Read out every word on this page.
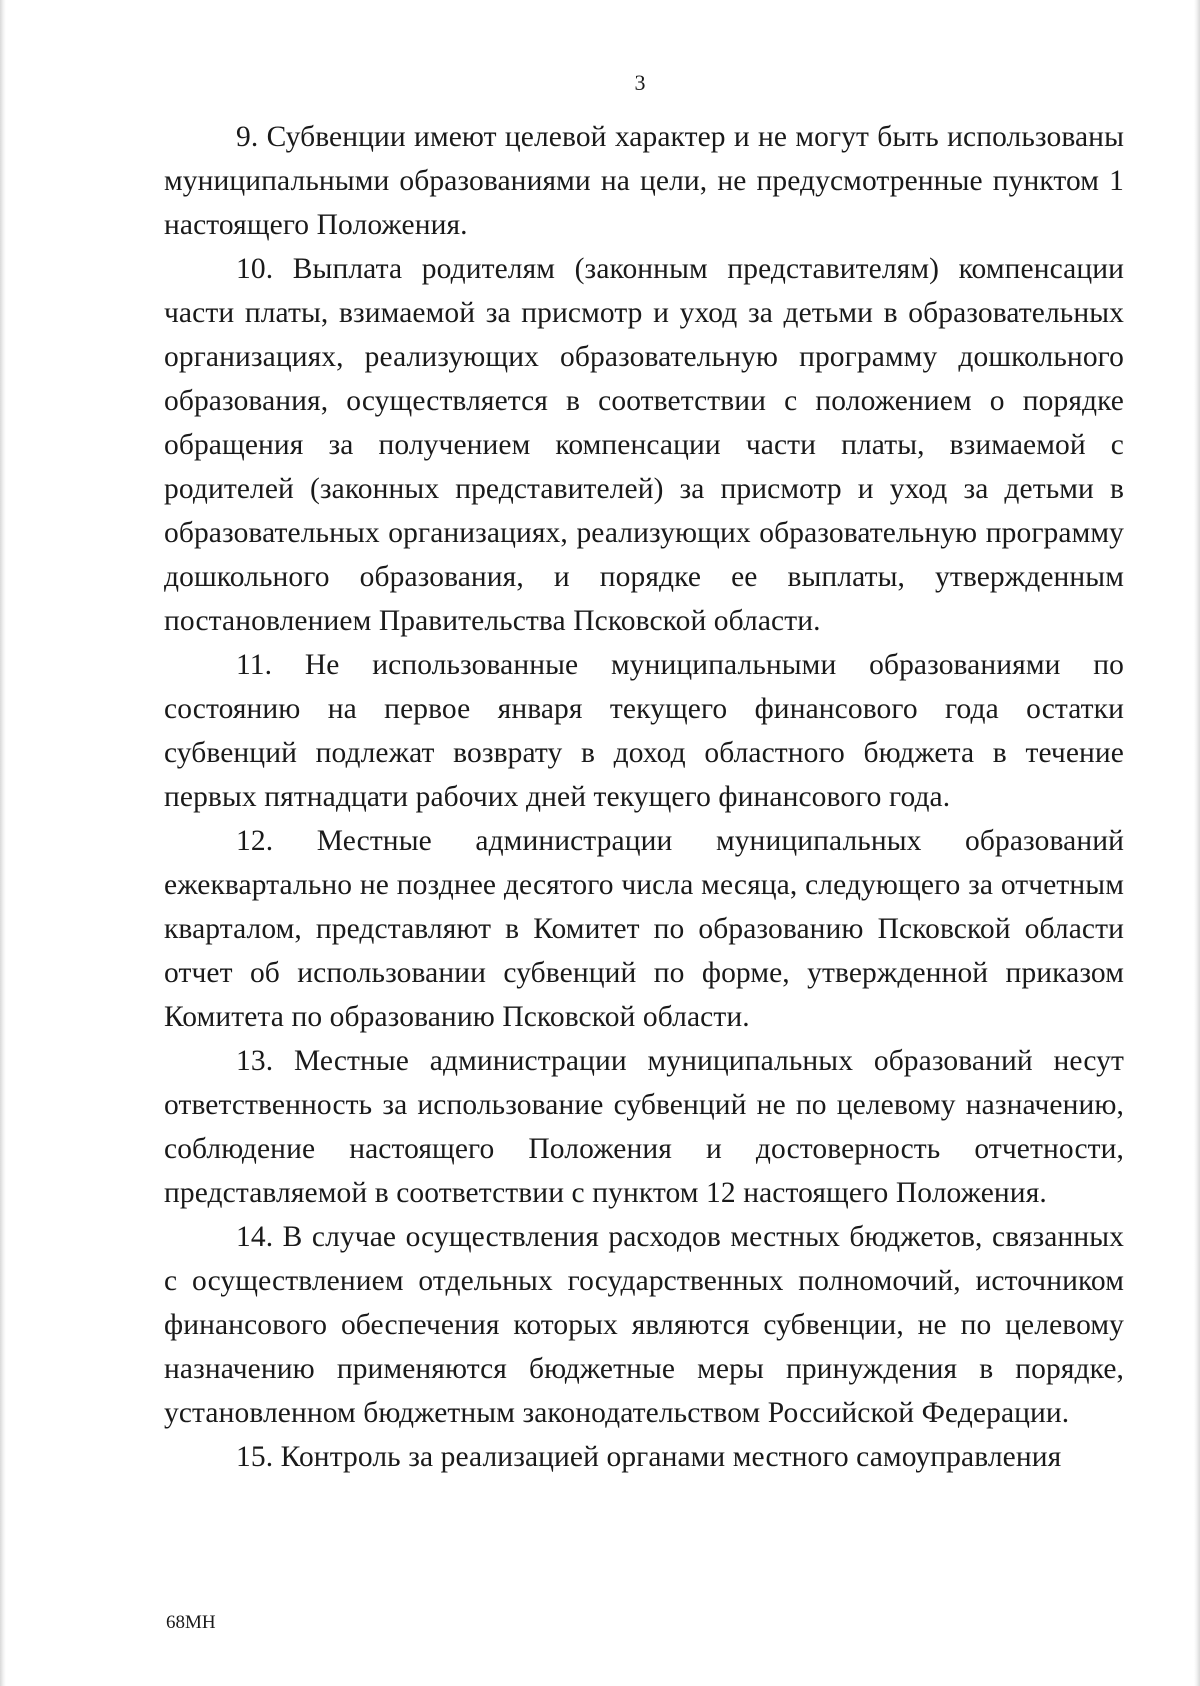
3

9. Субвенции имеют целевой характер и не могут быть использованы муниципальными образованиями на цели, не предусмотренные пунктом 1 настоящего Положения.

10. Выплата родителям (законным представителям) компенсации части платы, взимаемой за присмотр и уход за детьми в образовательных организациях, реализующих образовательную программу дошкольного образования, осуществляется в соответствии с положением о порядке обращения за получением компенсации части платы, взимаемой с родителей (законных представителей) за присмотр и уход за детьми в образовательных организациях, реализующих образовательную программу дошкольного образования, и порядке ее выплаты, утвержденным постановлением Правительства Псковской области.

11. Не использованные муниципальными образованиями по состоянию на первое января текущего финансового года остатки субвенций подлежат возврату в доход областного бюджета в течение первых пятнадцати рабочих дней текущего финансового года.

12. Местные администрации муниципальных образований ежеквартально не позднее десятого числа месяца, следующего за отчетным кварталом, представляют в Комитет по образованию Псковской области отчет об использовании субвенций по форме, утвержденной приказом Комитета по образованию Псковской области.

13. Местные администрации муниципальных образований несут ответственность за использование субвенций не по целевому назначению, соблюдение настоящего Положения и достоверность отчетности, представляемой в соответствии с пунктом 12 настоящего Положения.

14. В случае осуществления расходов местных бюджетов, связанных с осуществлением отдельных государственных полномочий, источником финансового обеспечения которых являются субвенции, не по целевому назначению применяются бюджетные меры принуждения в порядке, установленном бюджетным законодательством Российской Федерации.

15. Контроль за реализацией органами местного самоуправления

68МН
